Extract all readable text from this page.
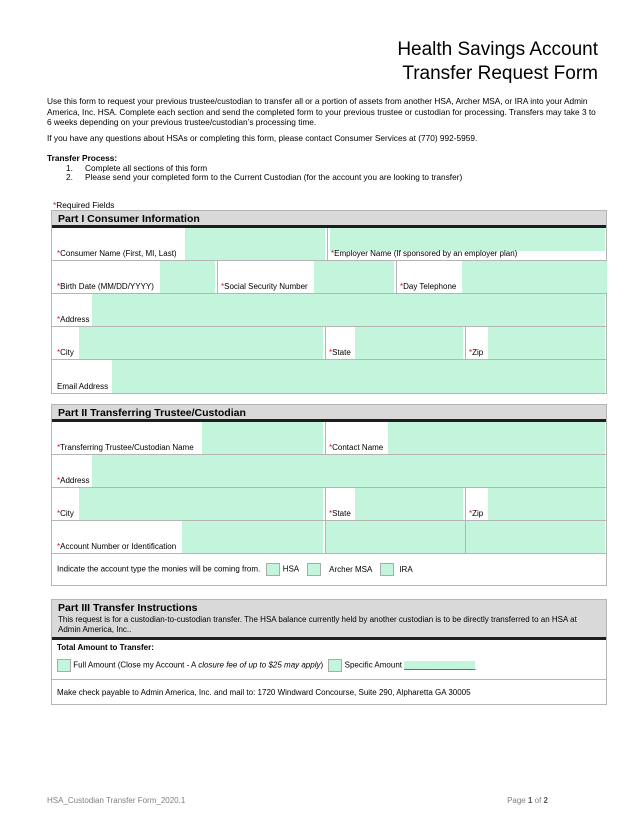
Health Savings Account
Transfer Request Form
Use this form to request your previous trustee/custodian to transfer all or a portion of assets from another HSA, Archer MSA, or IRA into your Admin America, Inc. HSA. Complete each section and send the completed form to your previous trustee or custodian for processing. Transfers may take 3 to 6 weeks depending on your previous trustee/custodian’s processing time.
If you have any questions about HSAs or completing this form, please contact Consumer Services at (770) 992-5959.
Transfer Process:
1. Complete all sections of this form
2. Please send your completed form to the Current Custodian (for the account you are looking to transfer)
*Required Fields
Part I Consumer Information
*Consumer Name (First, MI, Last)	*Employer Name (If sponsored by an employer plan)
*Birth Date (MM/DD/YYYY)	*Social Security Number	*Day Telephone
*Address
*City	*State	*Zip
Email Address
Part II Transferring Trustee/Custodian
*Transferring Trustee/Custodian Name	*Contact Name
*Address
*City	*State	*Zip
*Account Number or Identification
Indicate the account type the monies will be coming from.	HSA	Archer MSA	IRA
Part III Transfer Instructions
This request is for a custodian-to-custodian transfer. The HSA balance currently held by another custodian is to be directly transferred to an HSA at Admin America, Inc..
Total Amount to Transfer:
Full Amount (Close my Account - A closure fee of up to $25 may apply)	Specific Amount ________________
Make check payable to Admin America, Inc. and mail to: 1720 Windward Concourse, Suite 290, Alpharetta GA 30005
HSA_Custodian Transfer Form_2020.1	Page 1 of 2
